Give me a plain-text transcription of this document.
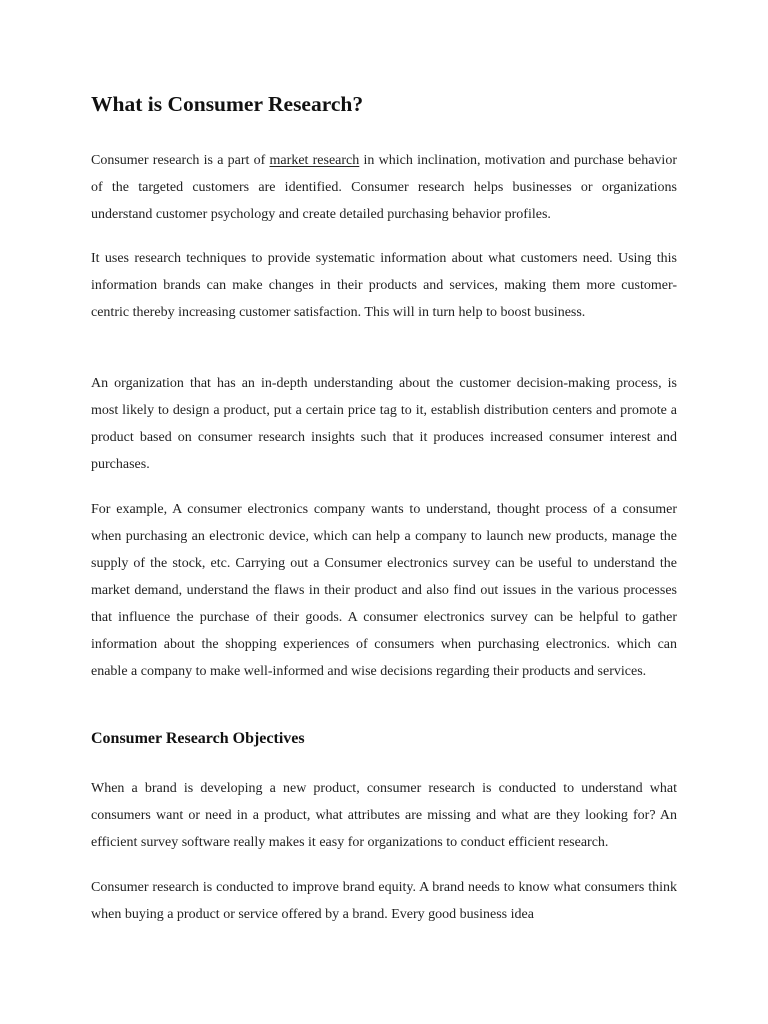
What is Consumer Research?

Consumer research is a part of market research in which inclination, motivation and purchase behavior of the targeted customers are identified. Consumer research helps businesses or organizations understand customer psychology and create detailed purchasing behavior profiles.

It uses research techniques to provide systematic information about what customers need. Using this information brands can make changes in their products and services, making them more customer-centric thereby increasing customer satisfaction. This will in turn help to boost business.

An organization that has an in-depth understanding about the customer decision-making process, is most likely to design a product, put a certain price tag to it, establish distribution centers and promote a product based on consumer research insights such that it produces increased consumer interest and purchases.

For example, A consumer electronics company wants to understand, thought process of a consumer when purchasing an electronic device, which can help a company to launch new products, manage the supply of the stock, etc. Carrying out a Consumer electronics survey can be useful to understand the market demand, understand the flaws in their product and also find out issues in the various processes that influence the purchase of their goods. A consumer electronics survey can be helpful to gather information about the shopping experiences of consumers when purchasing electronics. which can enable a company to make well-informed and wise decisions regarding their products and services.

Consumer Research Objectives

When a brand is developing a new product, consumer research is conducted to understand what consumers want or need in a product, what attributes are missing and what are they looking for? An efficient survey software really makes it easy for organizations to conduct efficient research.

Consumer research is conducted to improve brand equity. A brand needs to know what consumers think when buying a product or service offered by a brand. Every good business idea
